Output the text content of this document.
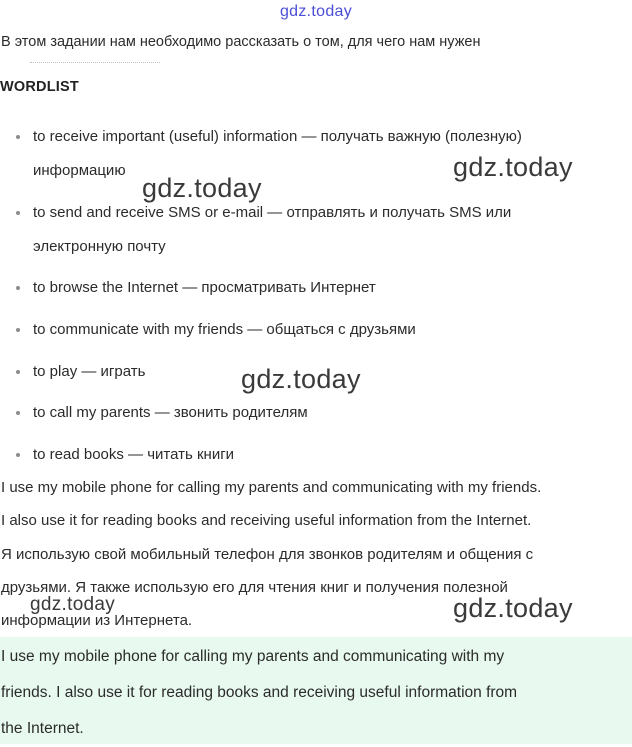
gdz.today
В этом задании нам необходимо рассказать о том, для чего нам нужен
WORDLIST
to receive important (useful) information — получать важную (полезную)
информацию
to send and receive SMS or e-mail — отправлять и получать SMS или
электронную почту
to browse the Internet — просматривать Интернет
to communicate with my friends — общаться с друзьями
to play — играть
to call my parents — звонить родителям
to read books — читать книги
I use my mobile phone for calling my parents and communicating with my friends.
I also use it for reading books and receiving useful information from the Internet.
Я использую свой мобильный телефон для звонков родителям и общения с
друзьями. Я также использую его для чтения книг и получения полезной
информации из Интернета.

I use my mobile phone for calling my parents and communicating with my
friends. I also use it for reading books and receiving useful information from
the Internet.

gdz.today
gdz.today
gdz.today
gdz.today	gdz.today
